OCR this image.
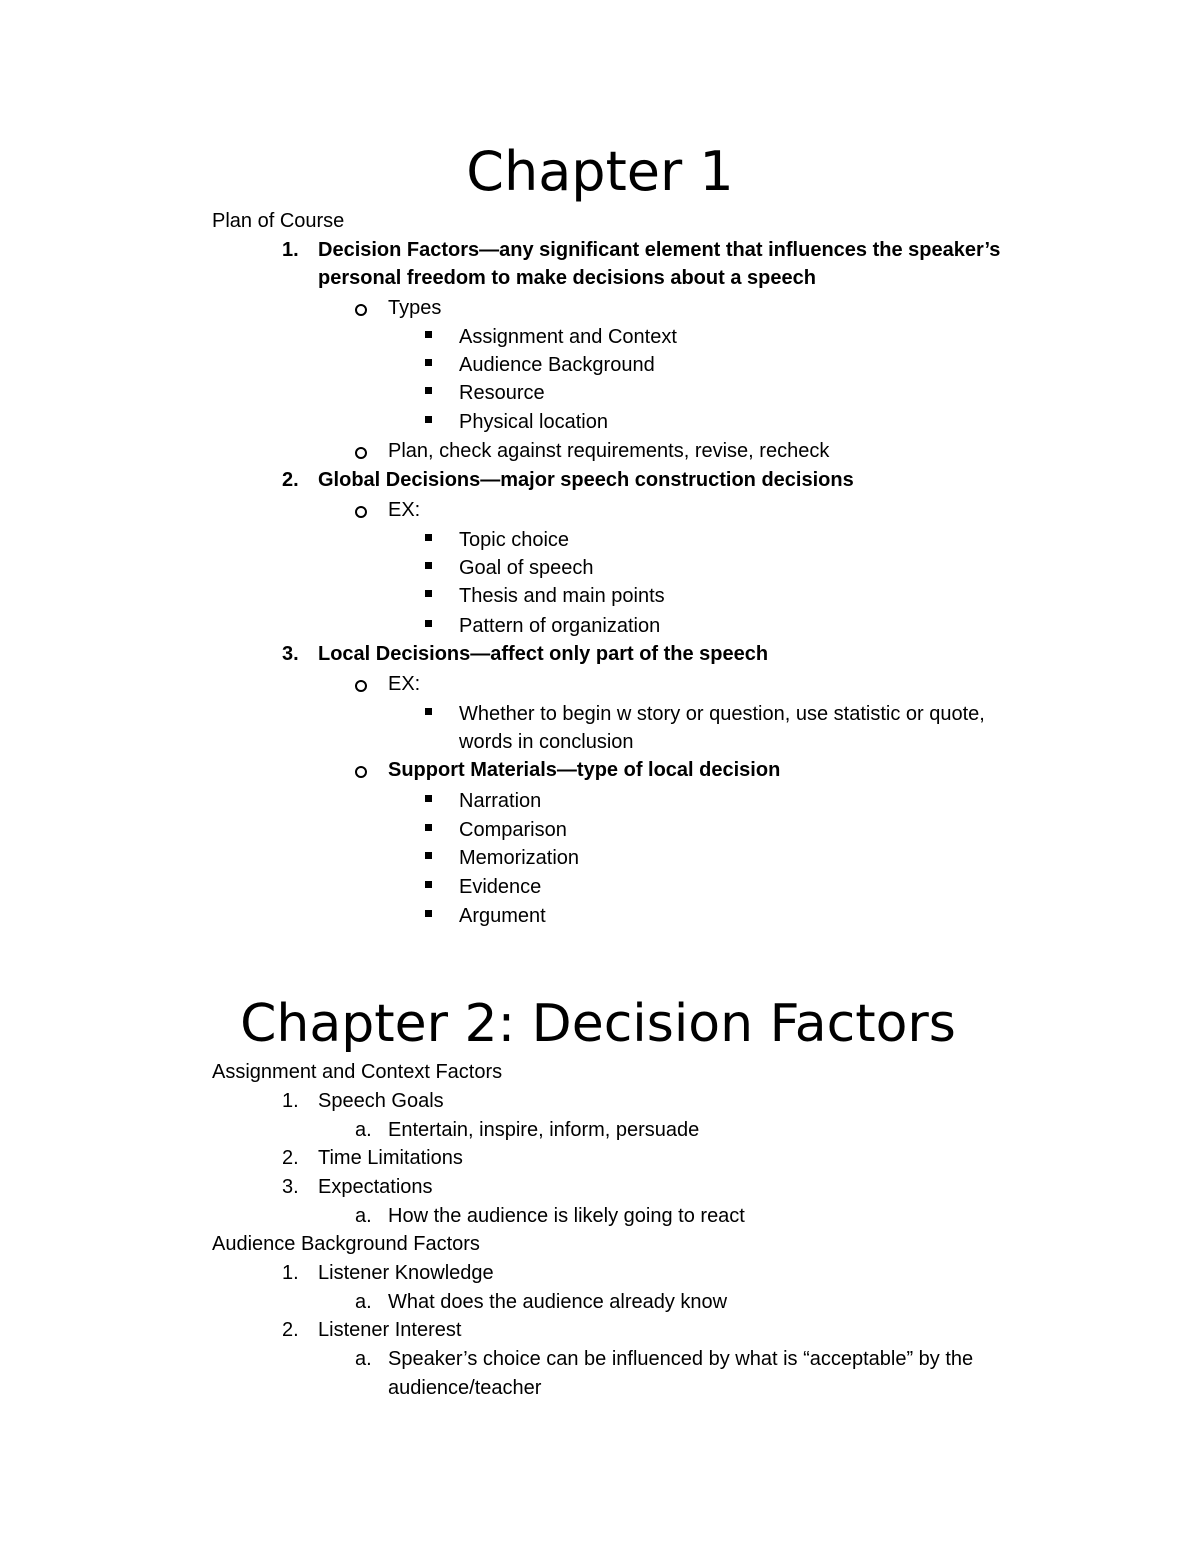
Chapter 1
Plan of Course
1. Decision Factors—any significant element that influences the speaker’s
personal freedom to make decisions about a speech
Types
Assignment and Context
Audience Background
Resource
Physical location
Plan, check against requirements, revise, recheck
2. Global Decisions—major speech construction decisions
EX:
Topic choice
Goal of speech
Thesis and main points
Pattern of organization
3. Local Decisions—affect only part of the speech
EX:
Whether to begin w story or question, use statistic or quote,
words in conclusion
Support Materials—type of local decision
Narration
Comparison
Memorization
Evidence
Argument
Chapter 2: Decision Factors
Assignment and Context Factors
1. Speech Goals
a. Entertain, inspire, inform, persuade
2. Time Limitations
3. Expectations
a. How the audience is likely going to react
Audience Background Factors
1. Listener Knowledge
a. What does the audience already know
2. Listener Interest
a. Speaker’s choice can be influenced by what is “acceptable” by the
audience/teacher
